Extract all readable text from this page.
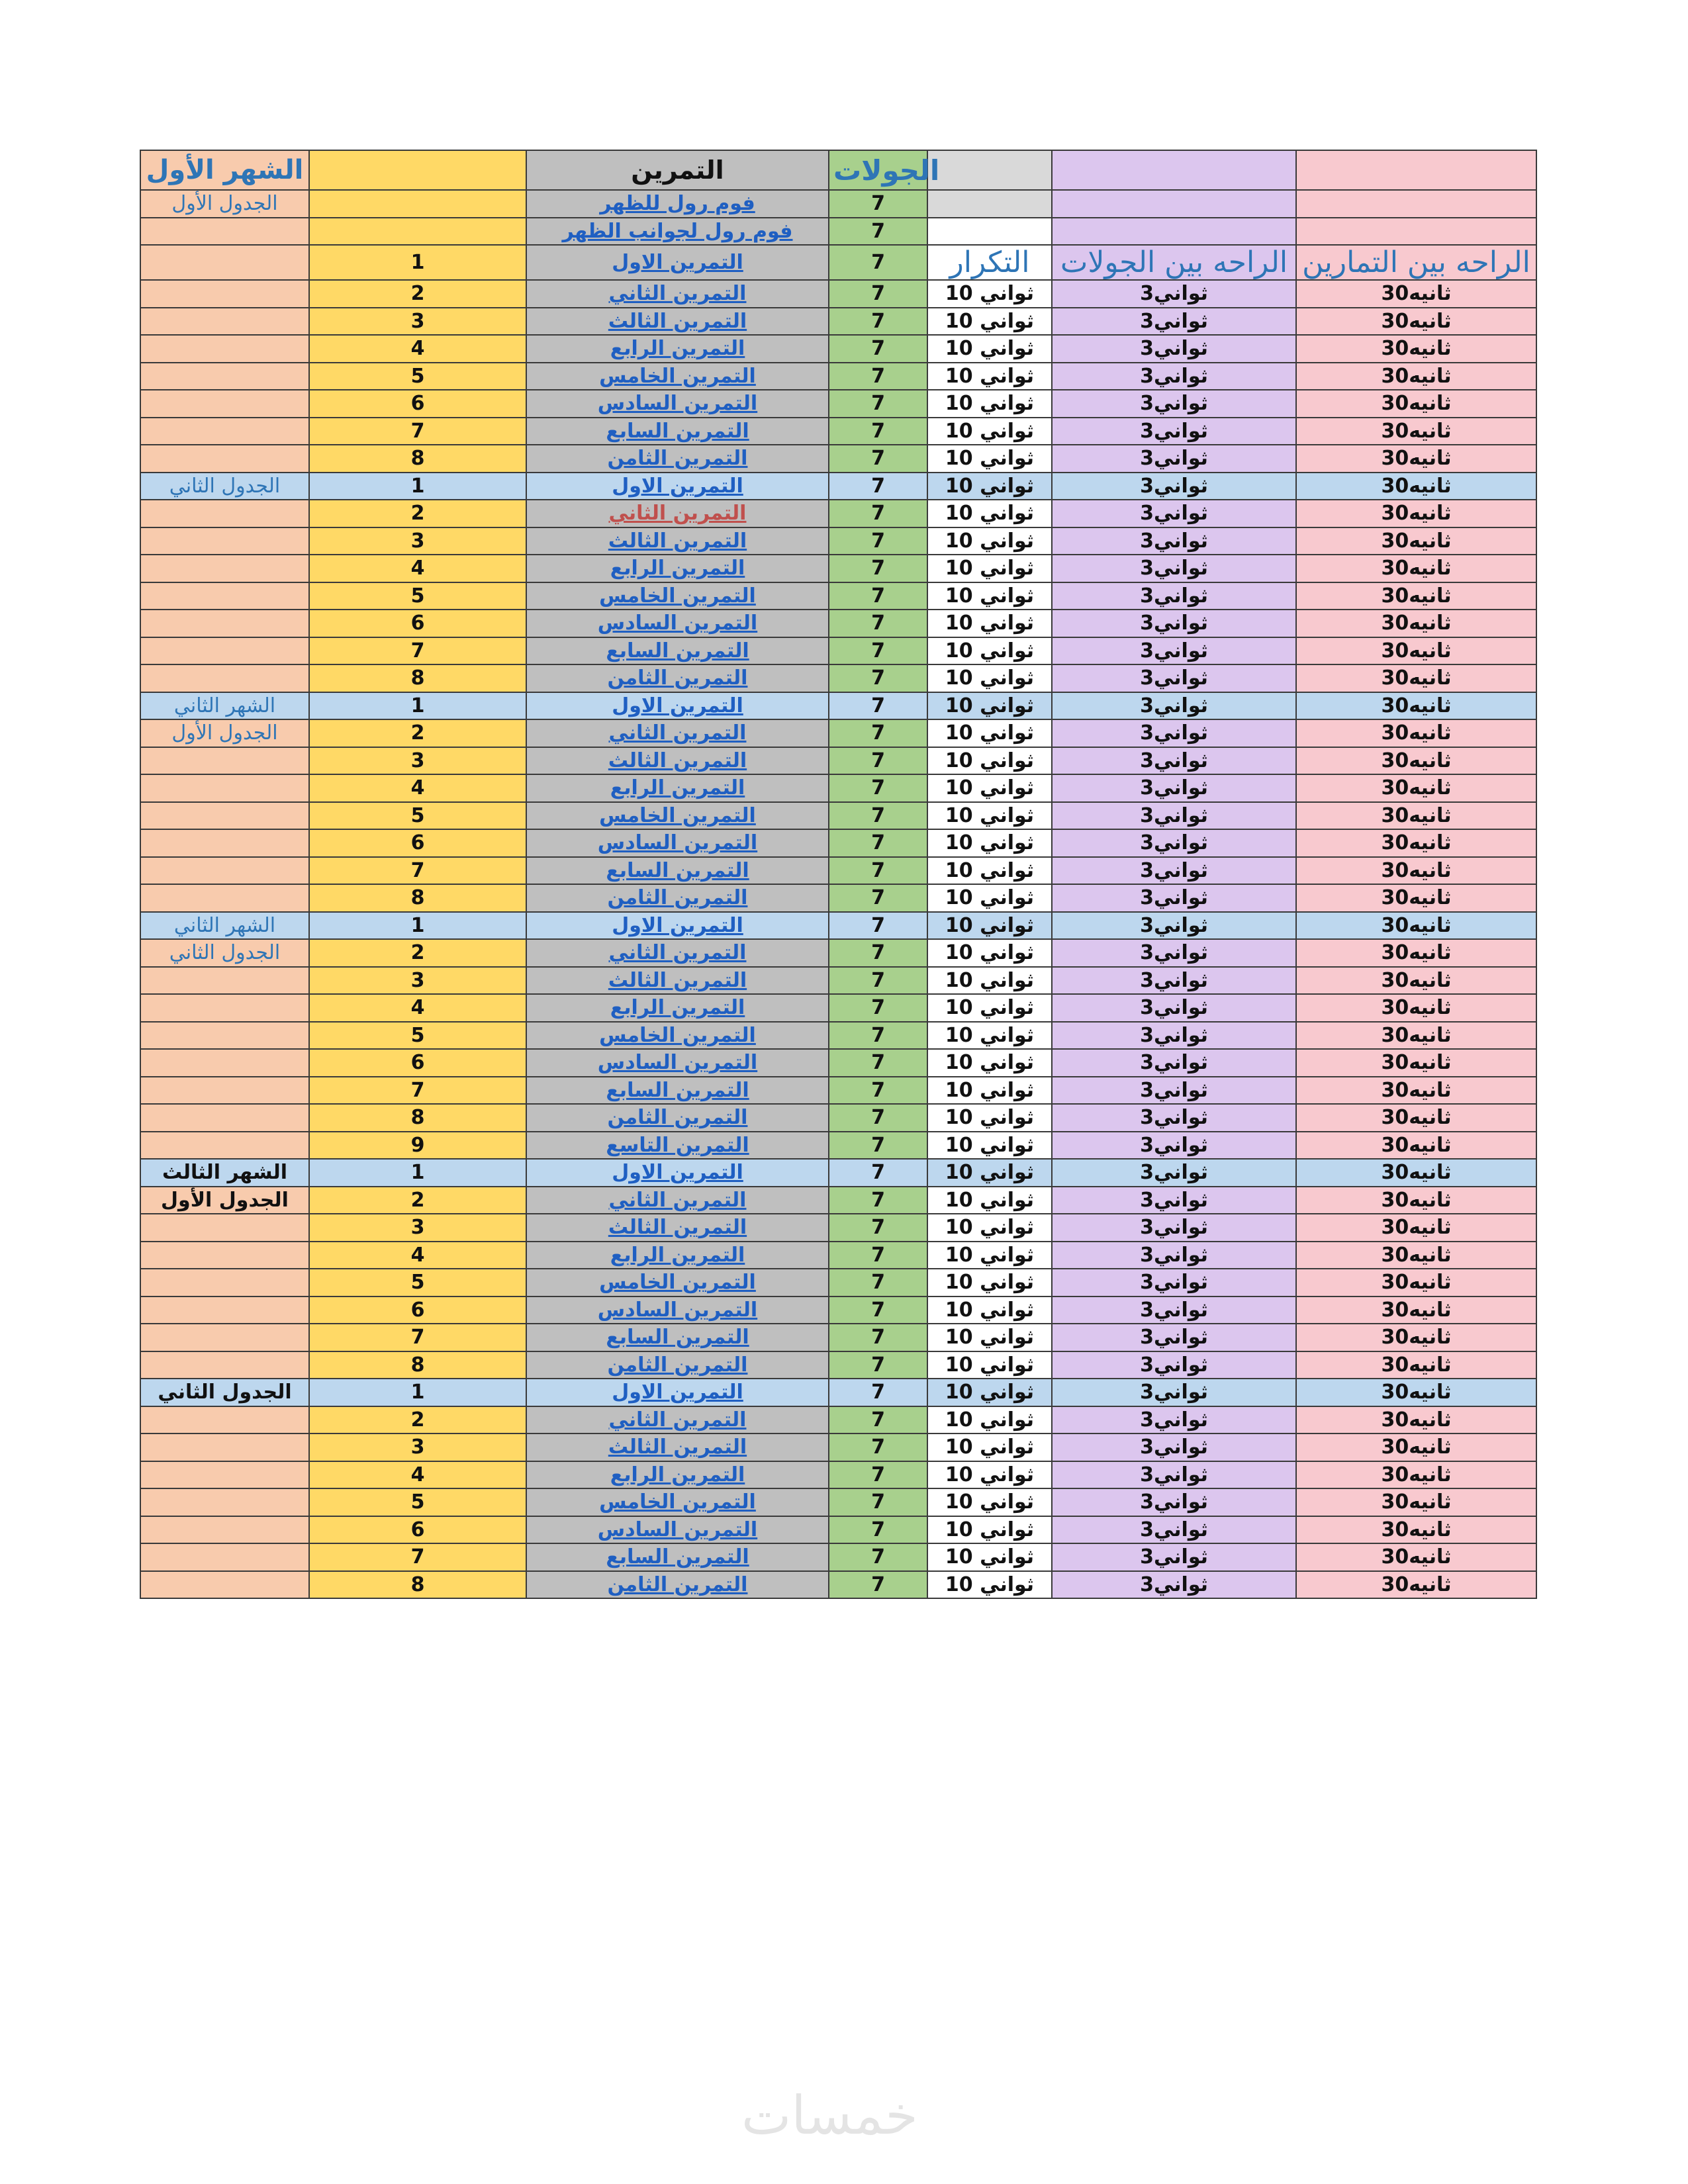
الشهر الأول		التمرين	الجولات			
الجدول الأول		فوم رول للظهر	7			
		فوم رول لجوانب الظهر	7			
	1	التمرين الاول	7	التكرار	الراحه بين الجولات	الراحه بين التمارين
	2	التمرين الثاني	7	ثواني 10	3ثواني	30ثانيه
	3	التمرين الثالث	7	ثواني 10	3ثواني	30ثانيه
	4	التمرين الرابع	7	ثواني 10	3ثواني	30ثانيه
	5	التمرين الخامس	7	ثواني 10	3ثواني	30ثانيه
	6	التمرين السادس	7	ثواني 10	3ثواني	30ثانيه
	7	التمرين السابع	7	ثواني 10	3ثواني	30ثانيه
	8	التمرين الثامن	7	ثواني 10	3ثواني	30ثانيه
الجدول الثاني	1	التمرين الاول	7	ثواني 10	3ثواني	30ثانيه
	2	التمرين الثاني	7	ثواني 10	3ثواني	30ثانيه
	3	التمرين الثالث	7	ثواني 10	3ثواني	30ثانيه
	4	التمرين الرابع	7	ثواني 10	3ثواني	30ثانيه
	5	التمرين الخامس	7	ثواني 10	3ثواني	30ثانيه
	6	التمرين السادس	7	ثواني 10	3ثواني	30ثانيه
	7	التمرين السابع	7	ثواني 10	3ثواني	30ثانيه
	8	التمرين الثامن	7	ثواني 10	3ثواني	30ثانيه
الشهر الثاني	1	التمرين الاول	7	ثواني 10	3ثواني	30ثانيه
الجدول الأول	2	التمرين الثاني	7	ثواني 10	3ثواني	30ثانيه
	3	التمرين الثالث	7	ثواني 10	3ثواني	30ثانيه
	4	التمرين الرابع	7	ثواني 10	3ثواني	30ثانيه
	5	التمرين الخامس	7	ثواني 10	3ثواني	30ثانيه
	6	التمرين السادس	7	ثواني 10	3ثواني	30ثانيه
	7	التمرين السابع	7	ثواني 10	3ثواني	30ثانيه
	8	التمرين الثامن	7	ثواني 10	3ثواني	30ثانيه
الشهر الثاني	1	التمرين الاول	7	ثواني 10	3ثواني	30ثانيه
الجدول الثاني	2	التمرين الثاني	7	ثواني 10	3ثواني	30ثانيه
	3	التمرين الثالث	7	ثواني 10	3ثواني	30ثانيه
	4	التمرين الرابع	7	ثواني 10	3ثواني	30ثانيه
	5	التمرين الخامس	7	ثواني 10	3ثواني	30ثانيه
	6	التمرين السادس	7	ثواني 10	3ثواني	30ثانيه
	7	التمرين السابع	7	ثواني 10	3ثواني	30ثانيه
	8	التمرين الثامن	7	ثواني 10	3ثواني	30ثانيه
	9	التمرين التاسع	7	ثواني 10	3ثواني	30ثانيه
الشهر الثالث	1	التمرين الاول	7	ثواني 10	3ثواني	30ثانيه
الجدول الأول	2	التمرين الثاني	7	ثواني 10	3ثواني	30ثانيه
	3	التمرين الثالث	7	ثواني 10	3ثواني	30ثانيه
	4	التمرين الرابع	7	ثواني 10	3ثواني	30ثانيه
	5	التمرين الخامس	7	ثواني 10	3ثواني	30ثانيه
	6	التمرين السادس	7	ثواني 10	3ثواني	30ثانيه
	7	التمرين السابع	7	ثواني 10	3ثواني	30ثانيه
	8	التمرين الثامن	7	ثواني 10	3ثواني	30ثانيه
الجدول الثاني	1	التمرين الاول	7	ثواني 10	3ثواني	30ثانيه
	2	التمرين الثاني	7	ثواني 10	3ثواني	30ثانيه
	3	التمرين الثالث	7	ثواني 10	3ثواني	30ثانيه
	4	التمرين الرابع	7	ثواني 10	3ثواني	30ثانيه
	5	التمرين الخامس	7	ثواني 10	3ثواني	30ثانيه
	6	التمرين السادس	7	ثواني 10	3ثواني	30ثانيه
	7	التمرين السابع	7	ثواني 10	3ثواني	30ثانيه
	8	التمرين الثامن	7	ثواني 10	3ثواني	30ثانيه
خمسات
